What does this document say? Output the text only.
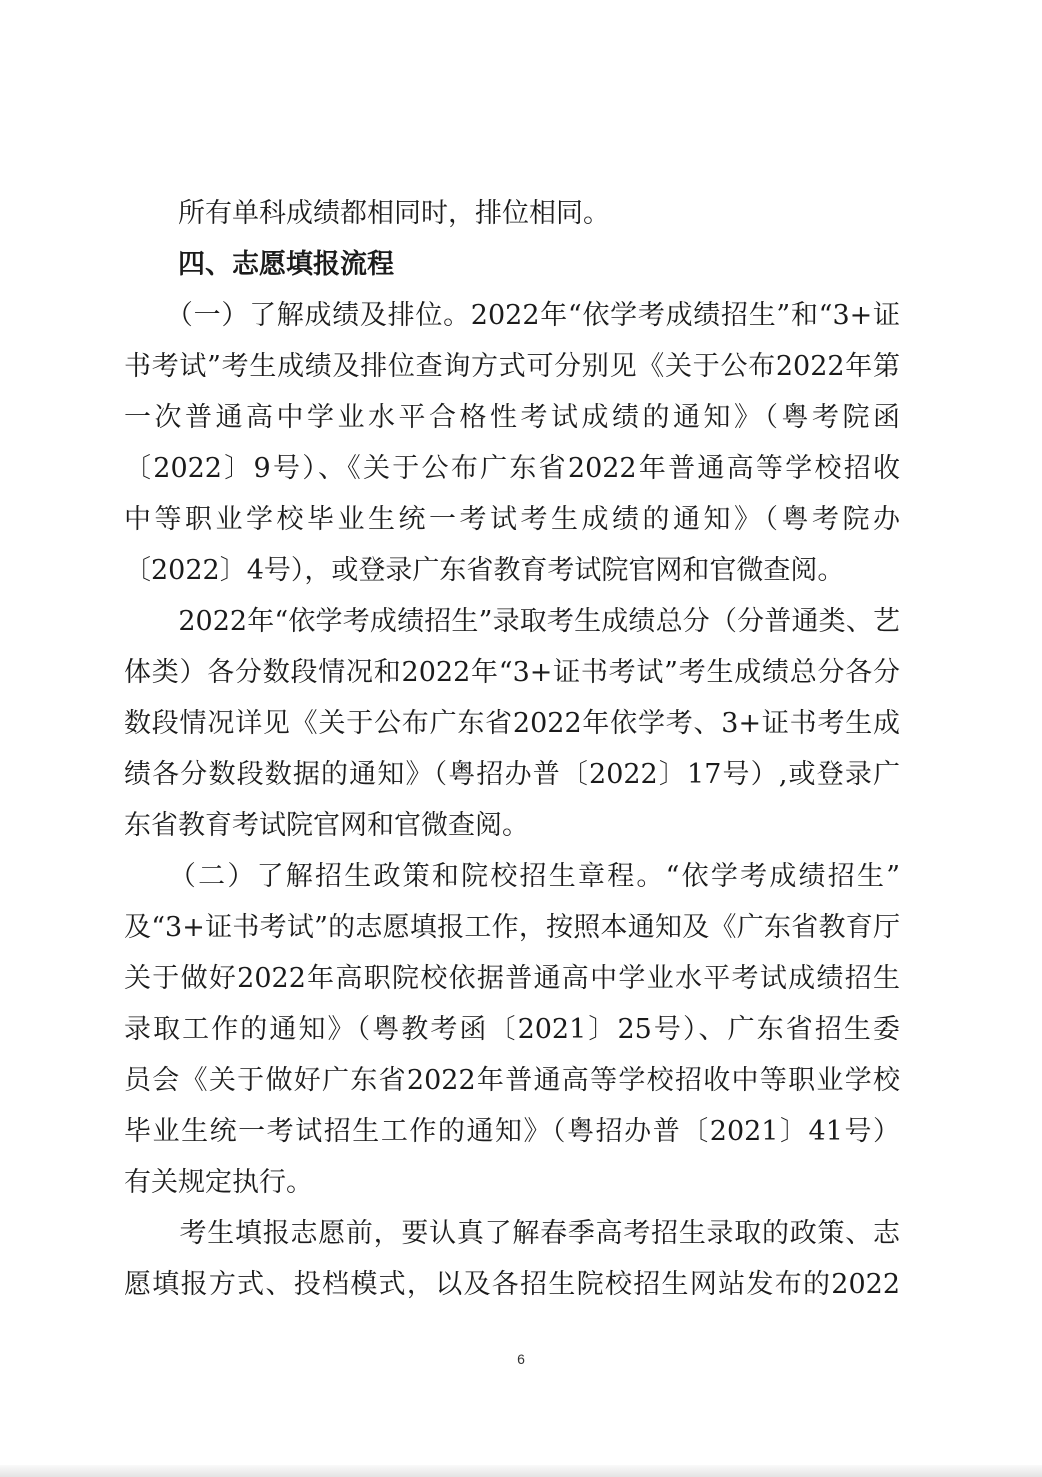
　　所有单科成绩都相同时，排位相同。
　　四、志愿填报流程
　　（一）了解成绩及排位。2022年“依学考成绩招生”和“3+证
书考试”考生成绩及排位查询方式可分别见《关于公布2022年第
一次普通高中学业水平合格性考试成绩的通知》（粤考院函
〔2022〕9号）、《关于公布广东省2022年普通高等学校招收
中等职业学校毕业生统一考试考生成绩的通知》（粤考院办
〔2022〕4号），或登录广东省教育考试院官网和官微查阅。
　　2022年“依学考成绩招生”录取考生成绩总分（分普通类、艺
体类）各分数段情况和2022年“3+证书考试”考生成绩总分各分
数段情况详见《关于公布广东省2022年依学考、3+证书考生成
绩各分数段数据的通知》（粤招办普〔2022〕17号）,或登录广
东省教育考试院官网和官微查阅。
　　（二）了解招生政策和院校招生章程。“依学考成绩招生”
及“3+证书考试”的志愿填报工作，按照本通知及《广东省教育厅
关于做好2022年高职院校依据普通高中学业水平考试成绩招生
录取工作的通知》（粤教考函〔2021〕25号）、广东省招生委
员会《关于做好广东省2022年普通高等学校招收中等职业学校
毕业生统一考试招生工作的通知》（粤招办普〔2021〕41号）
有关规定执行。
　　考生填报志愿前，要认真了解春季高考招生录取的政策、志
愿填报方式、投档模式，以及各招生院校招生网站发布的2022
6
